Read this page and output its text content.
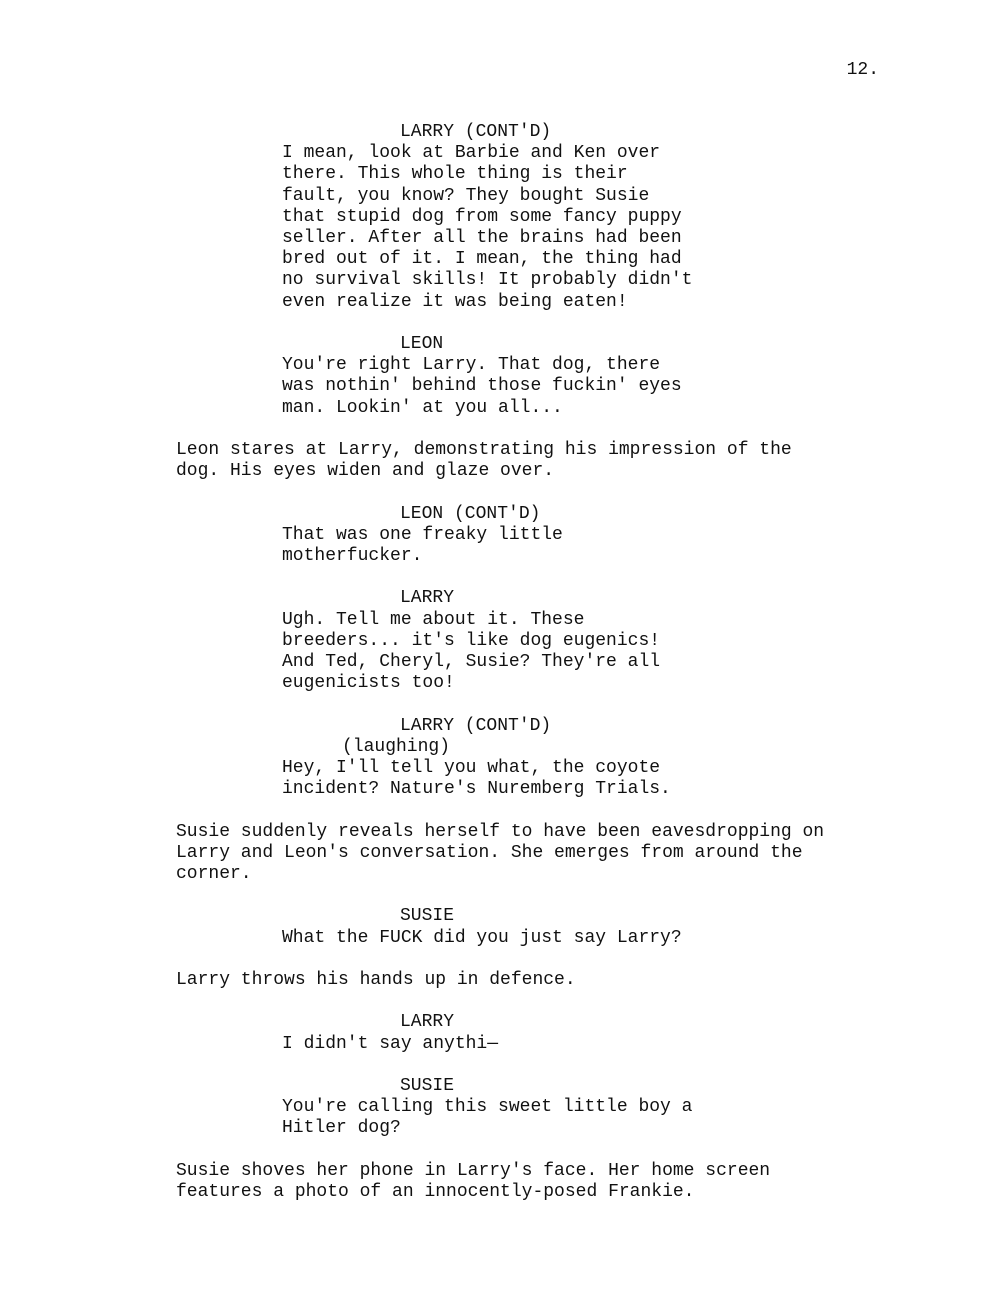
12.
LARRY (CONT'D)
I mean, look at Barbie and Ken over
there. This whole thing is their
fault, you know? They bought Susie
that stupid dog from some fancy puppy
seller. After all the brains had been
bred out of it. I mean, the thing had
no survival skills! It probably didn't
even realize it was being eaten!
LEON
You're right Larry. That dog, there
was nothin' behind those fuckin' eyes
man. Lookin' at you all...
Leon stares at Larry, demonstrating his impression of the
dog. His eyes widen and glaze over.
LEON (CONT'D)
That was one freaky little
motherfucker.
LARRY
Ugh. Tell me about it. These
breeders... it's like dog eugenics!
And Ted, Cheryl, Susie? They're all
eugenicists too!
LARRY (CONT'D)
(laughing)
Hey, I'll tell you what, the coyote
incident? Nature's Nuremberg Trials.
Susie suddenly reveals herself to have been eavesdropping on
Larry and Leon's conversation. She emerges from around the
corner.
SUSIE
What the FUCK did you just say Larry?
Larry throws his hands up in defence.
LARRY
I didn't say anythi—
SUSIE
You're calling this sweet little boy a
Hitler dog?
Susie shoves her phone in Larry's face. Her home screen
features a photo of an innocently-posed Frankie.
